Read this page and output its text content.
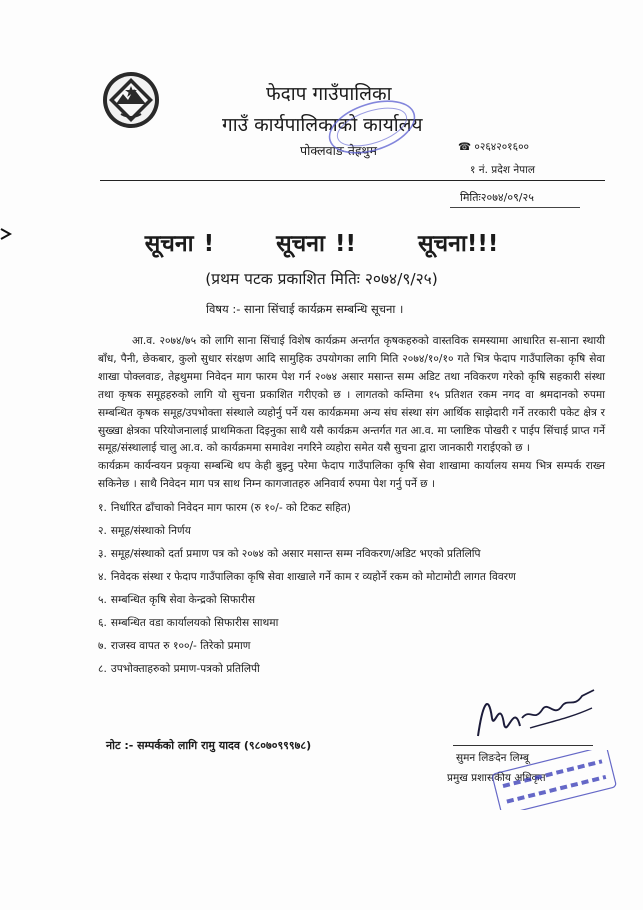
फेदाप गाउँपालिका
गाउँ कार्यपालिकाको कार्यालय
पोक्लवाङ तेह्रथुम	☎ ०२६४२०१६००
१ नं. प्रदेश नेपाल
मितिः२०७४/०९/२५
सूचना !	सूचना !!	सूचना!!!
(प्रथम पटक प्रकाशित मितिः २०७४/९/२५)
विषय :- साना सिंचाई कार्यक्रम सम्बन्धि सूचना ।

आ.व. २०७४/७५ को लागि साना सिंचाई विशेष कार्यक्रम अन्तर्गत कृषकहरुको वास्तविक समस्यामा आधारित स-साना स्थायी बाँध, पैनी, छेकबार, कुलो सुधार संरक्षण आदि सामुहिक उपयोगका लागि मिति २०७४/१०/१० गते भित्र फेदाप गाउँपालिका कृषि सेवा शाखा पोक्लवाङ, तेह्रथुममा निवेदन माग फारम पेश गर्न २०७४ असार मसान्त सम्म अडिट तथा नविकरण गरेको कृषि सहकारी संस्था तथा कृषक समूहहरुको लागि यो सुचना प्रकाशित गरीएको छ । लागतको कम्तिमा १५ प्रतिशत रकम नगद वा श्रमदानको रुपमा सम्बन्धित कृषक समूह/उपभोक्ता संस्थाले व्यहोर्नु पर्ने यस कार्यक्रममा अन्य संघ संस्था संग आर्थिक साझेदारी गर्ने तरकारी पकेट क्षेत्र र सुख्खा क्षेत्रका परियोजनालाई प्राथमिकता दिइनुका साथै यसै कार्यक्रम अन्तर्गत गत आ.व. मा प्लाष्टिक पोखरी र पाईप सिंचाई प्राप्त गर्ने समूह/संस्थालाई चालु आ.व. को कार्यक्रममा समावेश नगरिने व्यहोरा समेत यसै सुचना द्वारा जानकारी गराईएको छ ।

कार्यक्रम कार्यन्वयन प्रकृया सम्बन्धि थप केही बुझ्नु परेमा फेदाप गाउँपालिका कृषि सेवा शाखामा कार्यालय समय भित्र सम्पर्क राख्न सकिनेछ । साथै निवेदन माग पत्र साथ निम्न कागजातहरु अनिवार्य रुपमा पेश गर्नु पर्ने छ ।

१. निर्धारित ढाँचाको निवेदन माग फारम (रु १०/- को टिकट सहित)
२. समूह/संस्थाको निर्णय
३. समूह/संस्थाको दर्ता प्रमाण पत्र को २०७४ को असार मसान्त सम्म नविकरण/अडिट भएको प्रतिलिपि
४. निवेदक संस्था र फेदाप गाउँपालिका कृषि सेवा शाखाले गर्ने काम र व्यहोर्ने रकम को मोटामोटी लागत विवरण
५. सम्बन्धित कृषि सेवा केन्द्रको सिफारीस
६. सम्बन्धित वडा कार्यालयको सिफारीस साथमा
७. राजस्व वापत रु १००/- तिरेको प्रमाण
८. उपभोक्ताहरुको प्रमाण-पत्रको प्रतिलिपी
नोट :- सम्पर्कको लागि रामु यादव (९८०७०९९९७८)
सुमन लिङदेन लिम्बू
प्रमुख प्रशासकीय अधिकृत
